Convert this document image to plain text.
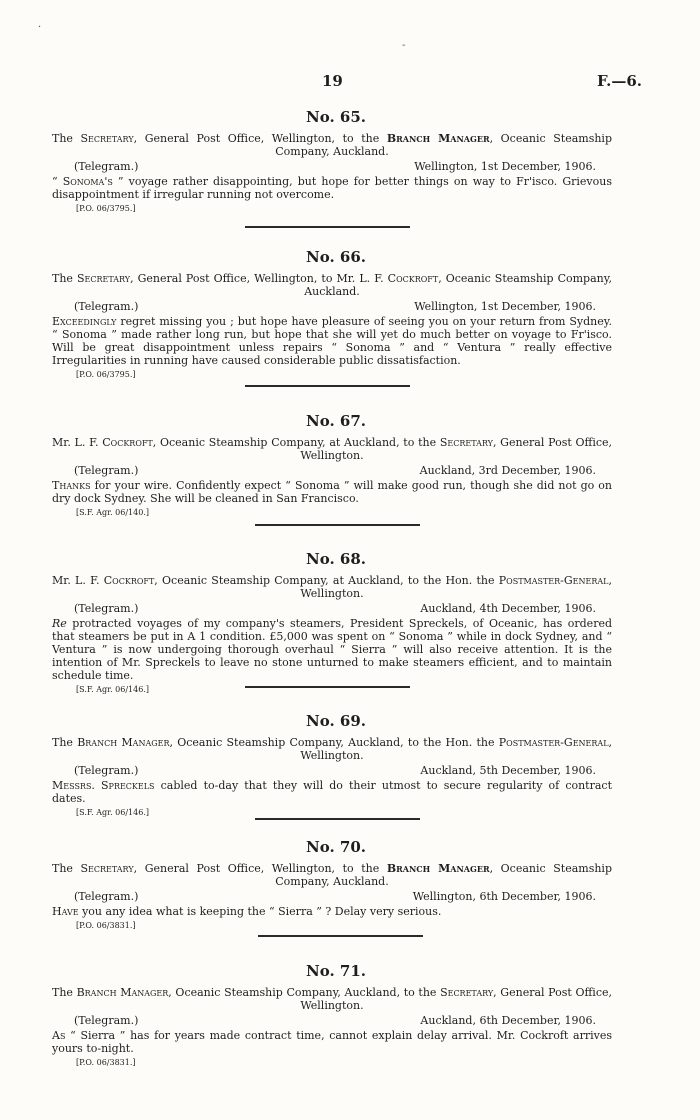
19	F.—6.
·
-
No. 65.

The Secretary, General Post Office, Wellington, to the Branch Manager, Oceanic Steamship Company, Auckland.

(Telegram.)	Wellington, 1st December, 1906.

“ Sonoma's ” voyage rather disappointing, but hope for better things on way to Fr'isco. Grievous disappointment if irregular running not overcome.

[P.O. 06/3795.]
No. 66.

The Secretary, General Post Office, Wellington, to Mr. L. F. Cockroft, Oceanic Steamship Company, Auckland.

(Telegram.)	Wellington, 1st December, 1906.

Exceedingly regret missing you ; but hope have pleasure of seeing you on your return from Sydney. “ Sonoma ” made rather long run, but hope that she will yet do much better on voyage to Fr'isco. Will be great disappointment unless repairs “ Sonoma ” and “ Ventura ” really effective Irregularities in running have caused considerable public dissatisfaction.

[P.O. 06/3795.]
No. 67.

Mr. L. F. Cockroft, Oceanic Steamship Company, at Auckland, to the Secretary, General Post Office, Wellington.

(Telegram.)	Auckland, 3rd December, 1906.

Thanks for your wire. Confidently expect “ Sonoma ” will make good run, though she did not go on dry dock Sydney. She will be cleaned in San Francisco.

[S.F. Agr. 06/140.]
No. 68.

Mr. L. F. Cockroft, Oceanic Steamship Company, at Auckland, to the Hon. the Postmaster-General, Wellington.

(Telegram.)	Auckland, 4th December, 1906.

Re protracted voyages of my company's steamers, President Spreckels, of Oceanic, has ordered that steamers be put in A 1 condition. £5,000 was spent on “ Sonoma ” while in dock Sydney, and “ Ventura ” is now undergoing thorough overhaul “ Sierra ” will also receive attention. It is the intention of Mr. Spreckels to leave no stone unturned to make steamers efficient, and to maintain schedule time.

[S.F. Agr. 06/146.]
No. 69.

The Branch Manager, Oceanic Steamship Company, Auckland, to the Hon. the Postmaster-General, Wellington.

(Telegram.)	Auckland, 5th December, 1906.

Messrs. Spreckels cabled to-day that they will do their utmost to secure regularity of contract dates.

[S.F. Agr. 06/146.]
No. 70.

The Secretary, General Post Office, Wellington, to the Branch Manager, Oceanic Steamship Company, Auckland.

(Telegram.)	Wellington, 6th December, 1906.

Have you any idea what is keeping the “ Sierra ” ? Delay very serious.

[P.O. 06/3831.]
No. 71.

The Branch Manager, Oceanic Steamship Company, Auckland, to the Secretary, General Post Office, Wellington.

(Telegram.)	Auckland, 6th December, 1906.

As “ Sierra ” has for years made contract time, cannot explain delay arrival. Mr. Cockroft arrives yours to-night.

[P.O. 06/3831.]
